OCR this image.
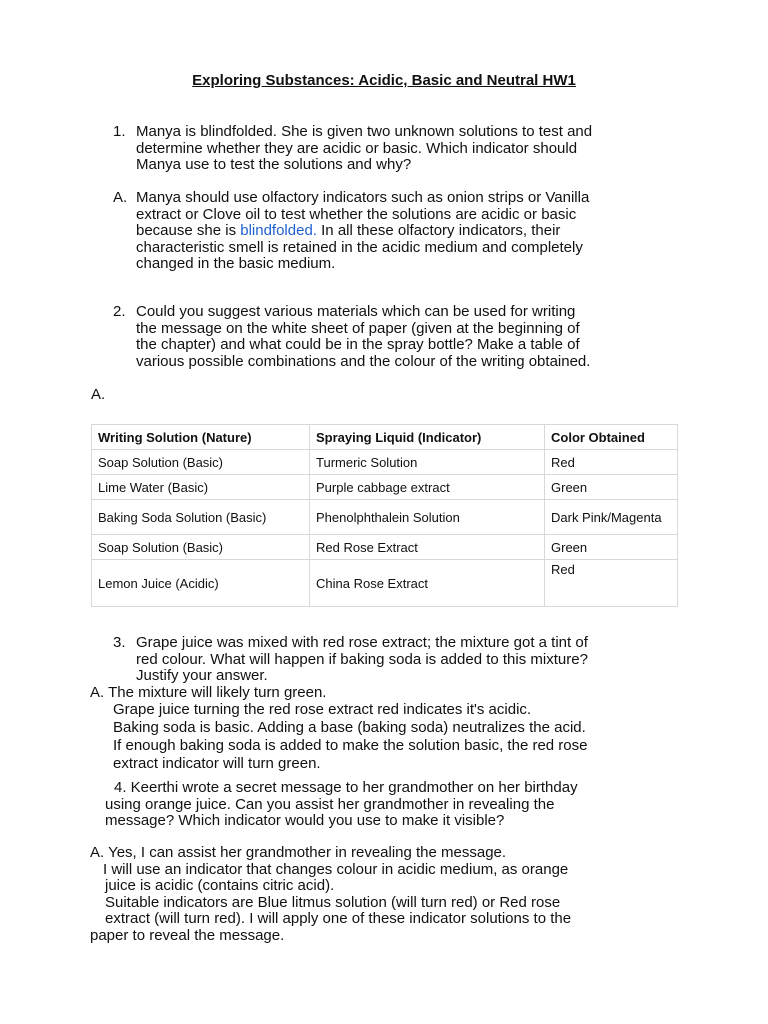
Exploring Substances: Acidic, Basic and Neutral HW1
1. Manya is blindfolded. She is given two unknown solutions to test and
determine whether they are acidic or basic. Which indicator should
Manya use to test the solutions and why?
A. Manya should use olfactory indicators such as onion strips or Vanilla
extract or Clove oil to test whether the solutions are acidic or basic
because she is blindfolded. In all these olfactory indicators, their
characteristic smell is retained in the acidic medium and completely
changed in the basic medium.
2. Could you suggest various materials which can be used for writing
the message on the white sheet of paper (given at the beginning of
the chapter) and what could be in the spray bottle? Make a table of
various possible combinations and the colour of the writing obtained.
A.
Writing Solution (Nature)	Spraying Liquid (Indicator)	Color Obtained
Soap Solution (Basic)	Turmeric Solution	Red
Lime Water (Basic)	Purple cabbage extract	Green
Baking Soda Solution (Basic)	Phenolphthalein Solution	Dark Pink/Magenta
Soap Solution (Basic)	Red Rose Extract	Green
Lemon Juice (Acidic)	China Rose Extract	Red
3. Grape juice was mixed with red rose extract; the mixture got a tint of
red colour. What will happen if baking soda is added to this mixture?
Justify your answer.
A. The mixture will likely turn green.
Grape juice turning the red rose extract red indicates it's acidic.
Baking soda is basic. Adding a base (baking soda) neutralizes the acid.
If enough baking soda is added to make the solution basic, the red rose
extract indicator will turn green.
4. Keerthi wrote a secret message to her grandmother on her birthday
using orange juice. Can you assist her grandmother in revealing the
message? Which indicator would you use to make it visible?
A. Yes, I can assist her grandmother in revealing the message.
I will use an indicator that changes colour in acidic medium, as orange
juice is acidic (contains citric acid).
Suitable indicators are Blue litmus solution (will turn red) or Red rose
extract (will turn red). I will apply one of these indicator solutions to the
paper to reveal the message.
